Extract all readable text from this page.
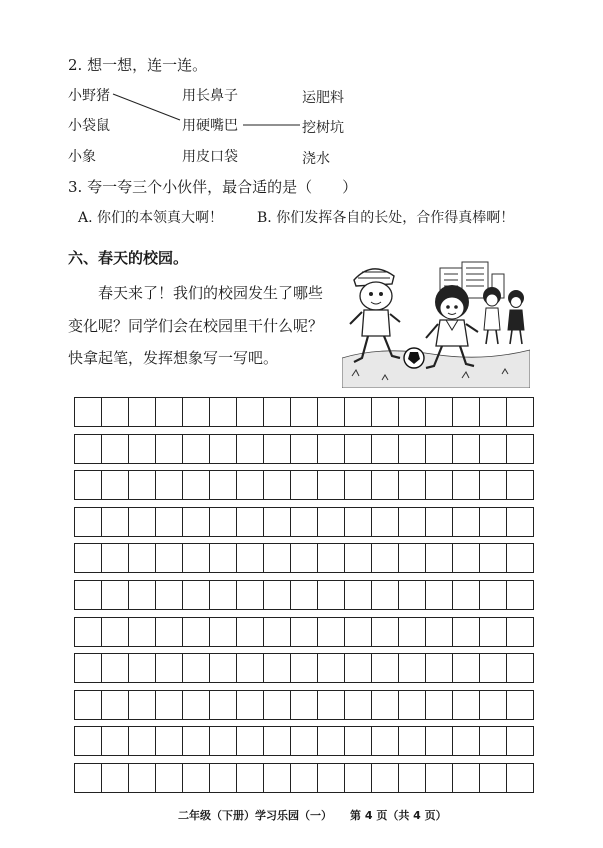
2. 想一想，连一连。
小野猪
小袋鼠
小象
用长鼻子
用硬嘴巴
用皮口袋
运肥料
挖树坑
浇水
3. 夸一夸三个小伙伴，最合适的是（　　）
A. 你们的本领真大啊！ B. 你们发挥各自的长处，合作得真棒啊！
六、春天的校园。
春天来了！我们的校园发生了哪些
变化呢？同学们会在校园里干什么呢？
快拿起笔，发挥想象写一写吧。
二年级（下册）学习乐园（一） 第 4 页（共 4 页）
